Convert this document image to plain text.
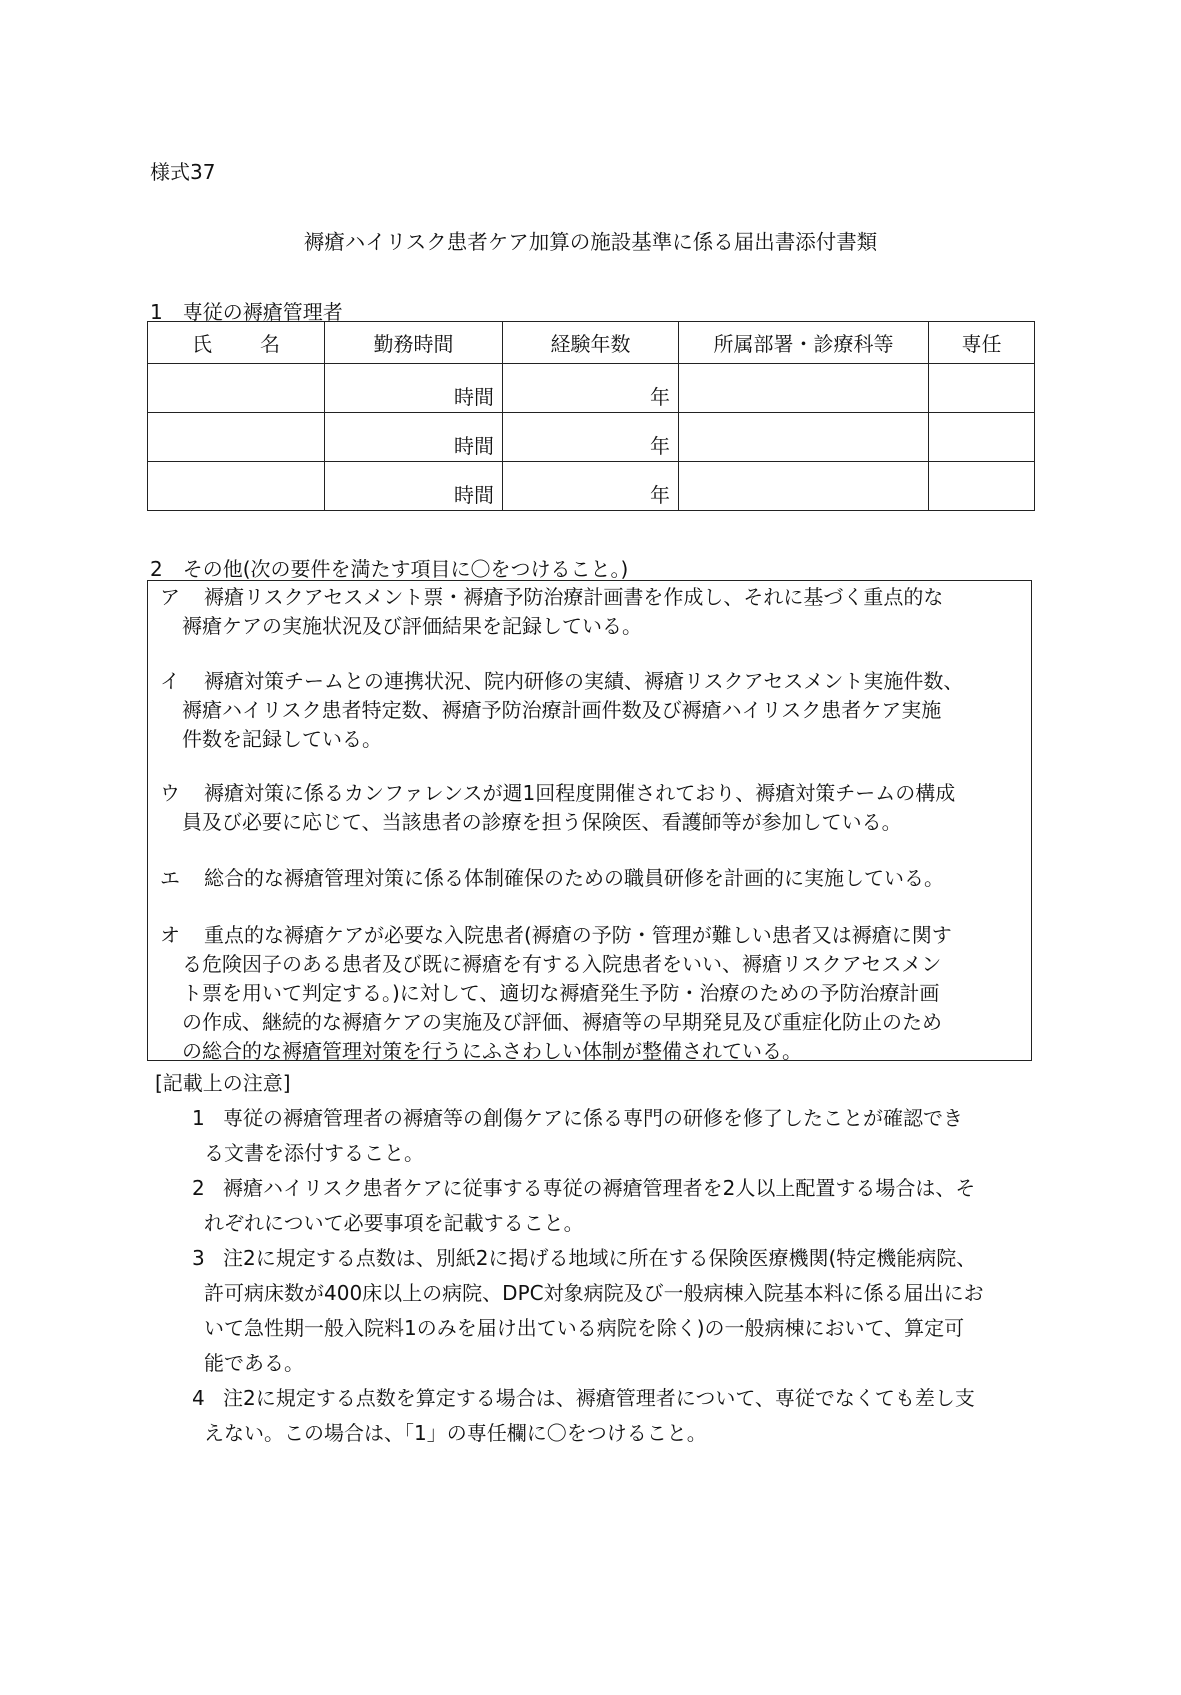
様式37
褥瘡ハイリスク患者ケア加算の施設基準に係る届出書添付書類
1　専従の褥瘡管理者
氏 名	勤務時間	経験年数	所属部署・診療科等	専任
	時間	年		
	時間	年		
	時間	年		
2　その他(次の要件を満たす項目に〇をつけること。)
ア	褥瘡リスクアセスメント票・褥瘡予防治療計画書を作成し、それに基づく重点的な
褥瘡ケアの実施状況及び評価結果を記録している。
イ	褥瘡対策チームとの連携状況、院内研修の実績、褥瘡リスクアセスメント実施件数、
褥瘡ハイリスク患者特定数、褥瘡予防治療計画件数及び褥瘡ハイリスク患者ケア実施
件数を記録している。
ウ	褥瘡対策に係るカンファレンスが週1回程度開催されており、褥瘡対策チームの構成
員及び必要に応じて、当該患者の診療を担う保険医、看護師等が参加している。
エ	総合的な褥瘡管理対策に係る体制確保のための職員研修を計画的に実施している。
オ	重点的な褥瘡ケアが必要な入院患者(褥瘡の予防・管理が難しい患者又は褥瘡に関す
る危険因子のある患者及び既に褥瘡を有する入院患者をいい、褥瘡リスクアセスメン
ト票を用いて判定する。)に対して、適切な褥瘡発生予防・治療のための予防治療計画
の作成、継続的な褥瘡ケアの実施及び評価、褥瘡等の早期発見及び重症化防止のため
の総合的な褥瘡管理対策を行うにふさわしい体制が整備されている。
[記載上の注意]
1 専従の褥瘡管理者の褥瘡等の創傷ケアに係る専門の研修を修了したことが確認でき
る文書を添付すること。
2 褥瘡ハイリスク患者ケアに従事する専従の褥瘡管理者を2人以上配置する場合は、そ
れぞれについて必要事項を記載すること。
3 注2に規定する点数は、別紙2に掲げる地域に所在する保険医療機関(特定機能病院、
許可病床数が400床以上の病院、DPC対象病院及び一般病棟入院基本料に係る届出にお
いて急性期一般入院料1のみを届け出ている病院を除く)の一般病棟において、算定可
能である。
4 注2に規定する点数を算定する場合は、褥瘡管理者について、専従でなくても差し支
えない。この場合は、「1」の専任欄に〇をつけること。
